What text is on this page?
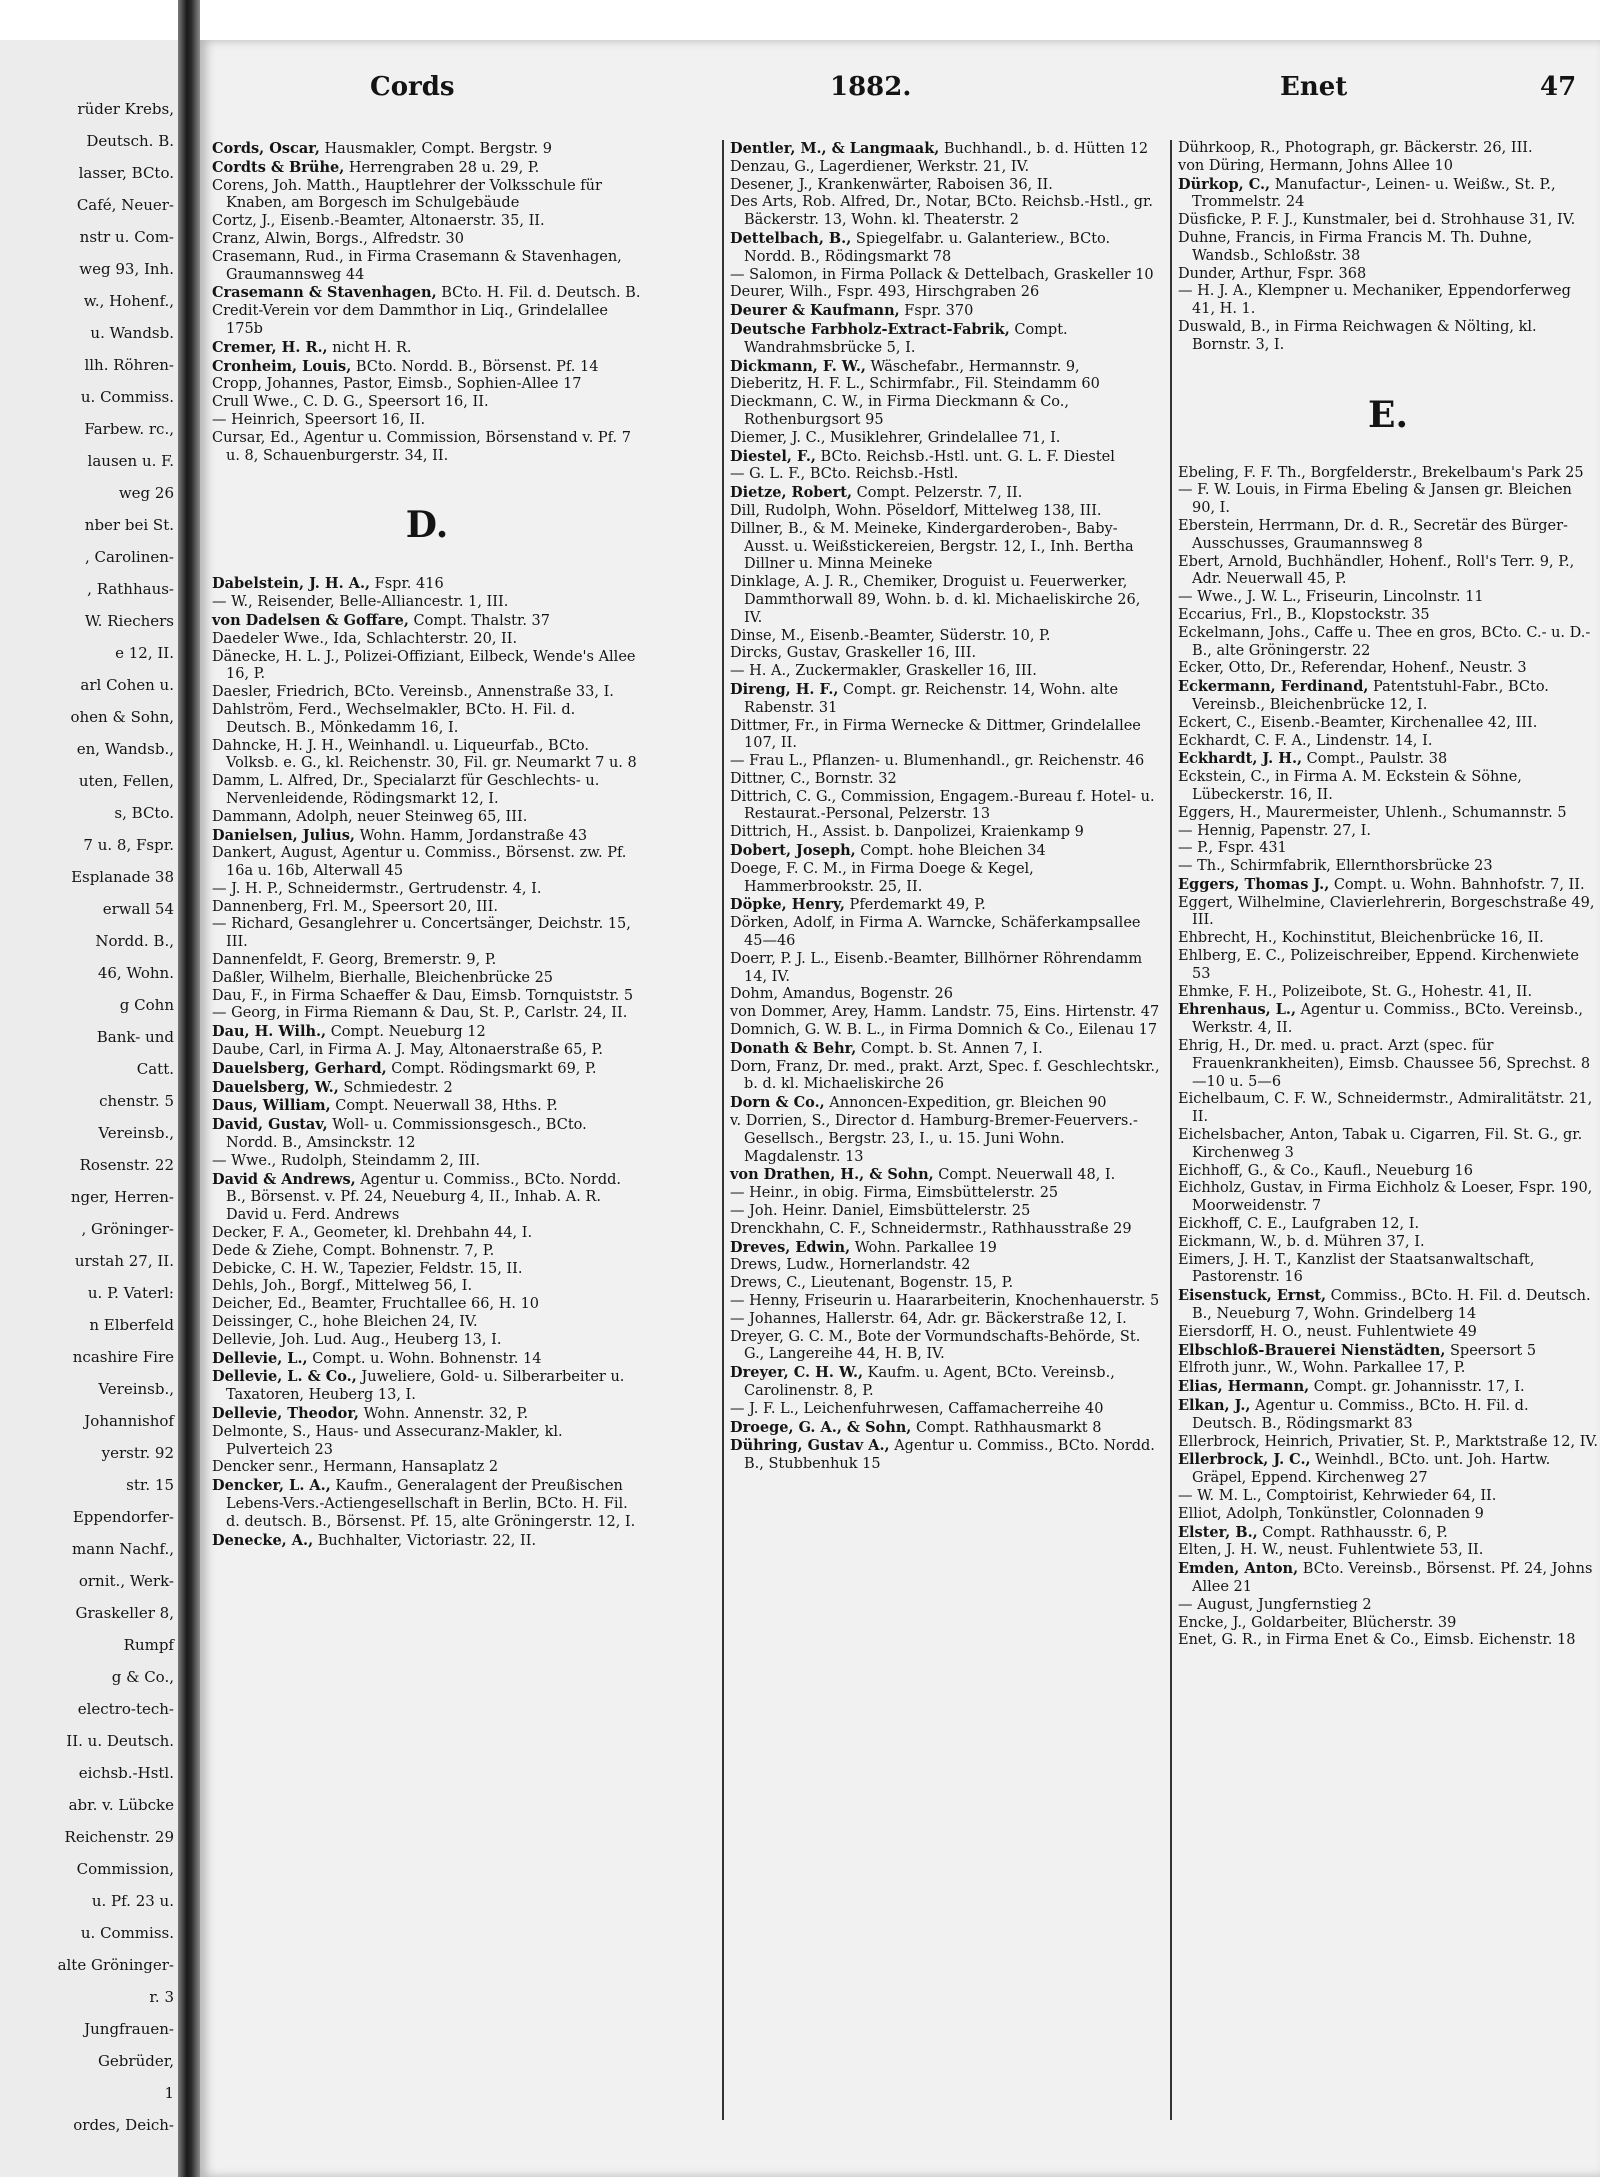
rüder Krebs,
Deutsch. B.
lasser, BCto.
Café, Neuer-
nstr u. Com-
weg 93, Inh.
w., Hohenf.,
u. Wandsb.
llh. Röhren-
u. Commiss.
Farbew. rc.,
lausen u. F.
weg 26
nber bei St.
, Carolinen-
, Rathhaus-
W. Riechers
e 12, II.
arl Cohen u.
ohen & Sohn,
en, Wandsb.,
uten, Fellen,
s, BCto.
7 u. 8, Fspr.
Esplanade 38
erwall 54
Nordd. B.,
46, Wohn.
g Cohn
Bank- und
Catt.
chenstr. 5
Vereinsb.,
Rosenstr. 22
nger, Herren-
, Gröninger-
urstah 27, II.
u. P. Vaterl:
n Elberfeld
ncashire Fire
Vereinsb.,
Johannishof
yerstr. 92
str. 15
Eppendorfer-
mann Nachf.,
ornit., Werk-
Graskeller 8,
Rumpf
g & Co.,
electro-tech-
II. u. Deutsch.
eichsb.-Hstl.
abr. v. Lübcke
Reichenstr. 29
Commission,
u. Pf. 23 u.
u. Commiss.
alte Gröninger-
r. 3
Jungfrauen-
Gebrüder,
1
ordes, Deich-
Cords	1882.	Enet	47

Cords, Oscar, Hausmakler, Compt. Bergstr. 9

Cordts & Brühe, Herrengraben 28 u. 29, P.

Corens, Joh. Matth., Hauptlehrer der Volksschule für Knaben, am Borgesch im Schulgebäude

Cortz, J., Eisenb.-Beamter, Altonaerstr. 35, II.

Cranz, Alwin, Borgs., Alfredstr. 30

Crasemann, Rud., in Firma Crasemann & Stavenhagen, Graumannsweg 44

Crasemann & Stavenhagen, BCto. H. Fil. d. Deutsch. B.

Credit-Verein vor dem Dammthor in Liq., Grindelallee 175b

Cremer, H. R., nicht H. R.

Cronheim, Louis, BCto. Nordd. B., Börsenst. Pf. 14

Cropp, Johannes, Pastor, Eimsb., Sophien-Allee 17

Crull Wwe., C. D. G., Speersort 16, II.

— Heinrich, Speersort 16, II.

Cursar, Ed., Agentur u. Commission, Börsenstand v. Pf. 7 u. 8, Schauenburgerstr. 34, II.

D.

Dabelstein, J. H. A., Fspr. 416

— W., Reisender, Belle-Alliancestr. 1, III.

von Dadelsen & Goffare, Compt. Thalstr. 37

Daedeler Wwe., Ida, Schlachterstr. 20, II.

Dänecke, H. L. J., Polizei-Offiziant, Eilbeck, Wende's Allee 16, P.

Daesler, Friedrich, BCto. Vereinsb., Annenstraße 33, I.

Dahlström, Ferd., Wechselmakler, BCto. H. Fil. d. Deutsch. B., Mönkedamm 16, I.

Dahncke, H. J. H., Weinhandl. u. Liqueurfab., BCto. Volksb. e. G., kl. Reichenstr. 30, Fil. gr. Neumarkt 7 u. 8

Damm, L. Alfred, Dr., Specialarzt für Geschlechts- u. Nervenleidende, Rödingsmarkt 12, I.

Dammann, Adolph, neuer Steinweg 65, III.

Danielsen, Julius, Wohn. Hamm, Jordanstraße 43

Dankert, August, Agentur u. Commiss., Börsenst. zw. Pf. 16a u. 16b, Alterwall 45

— J. H. P., Schneidermstr., Gertrudenstr. 4, I.

Dannenberg, Frl. M., Speersort 20, III.

— Richard, Gesanglehrer u. Concertsänger, Deichstr. 15, III.

Dannenfeldt, F. Georg, Bremerstr. 9, P.

Daßler, Wilhelm, Bierhalle, Bleichenbrücke 25

Dau, F., in Firma Schaeffer & Dau, Eimsb. Tornquiststr. 5

— Georg, in Firma Riemann & Dau, St. P., Carlstr. 24, II.

Dau, H. Wilh., Compt. Neueburg 12

Daube, Carl, in Firma A. J. May, Altonaerstraße 65, P.

Dauelsberg, Gerhard, Compt. Rödingsmarkt 69, P.

Dauelsberg, W., Schmiedestr. 2

Daus, William, Compt. Neuerwall 38, Hths. P.

David, Gustav, Woll- u. Commissionsgesch., BCto. Nordd. B., Amsinckstr. 12

— Wwe., Rudolph, Steindamm 2, III.

David & Andrews, Agentur u. Commiss., BCto. Nordd. B., Börsenst. v. Pf. 24, Neueburg 4, II., Inhab. A. R. David u. Ferd. Andrews

Decker, F. A., Geometer, kl. Drehbahn 44, I.

Dede & Ziehe, Compt. Bohnenstr. 7, P.

Debicke, C. H. W., Tapezier, Feldstr. 15, II.

Dehls, Joh., Borgf., Mittelweg 56, I.

Deicher, Ed., Beamter, Fruchtallee 66, H. 10

Deissinger, C., hohe Bleichen 24, IV.

Dellevie, Joh. Lud. Aug., Heuberg 13, I.

Dellevie, L., Compt. u. Wohn. Bohnenstr. 14

Dellevie, L. & Co., Juweliere, Gold- u. Silberarbeiter u. Taxatoren, Heuberg 13, I.

Dellevie, Theodor, Wohn. Annenstr. 32, P.

Delmonte, S., Haus- und Assecuranz-Makler, kl. Pulverteich 23

Dencker senr., Hermann, Hansaplatz 2

Dencker, L. A., Kaufm., Generalagent der Preußischen Lebens-Vers.-Actiengesellschaft in Berlin, BCto. H. Fil. d. deutsch. B., Börsenst. Pf. 15, alte Gröningerstr. 12, I.

Denecke, A., Buchhalter, Victoriastr. 22, II.

Dentler, M., & Langmaak, Buchhandl., b. d. Hütten 12

Denzau, G., Lagerdiener, Werkstr. 21, IV.

Desener, J., Krankenwärter, Raboisen 36, II.

Des Arts, Rob. Alfred, Dr., Notar, BCto. Reichsb.-Hstl., gr. Bäckerstr. 13, Wohn. kl. Theaterstr. 2

Dettelbach, B., Spiegelfabr. u. Galanteriew., BCto. Nordd. B., Rödingsmarkt 78

— Salomon, in Firma Pollack & Dettelbach, Graskeller 10

Deurer, Wilh., Fspr. 493, Hirschgraben 26

Deurer & Kaufmann, Fspr. 370

Deutsche Farbholz-Extract-Fabrik, Compt. Wandrahmsbrücke 5, I.

Dickmann, F. W., Wäschefabr., Hermannstr. 9,

Dieberitz, H. F. L., Schirmfabr., Fil. Steindamm 60

Dieckmann, C. W., in Firma Dieckmann & Co., Rothenburgsort 95

Diemer, J. C., Musiklehrer, Grindelallee 71, I.

Diestel, F., BCto. Reichsb.-Hstl. unt. G. L. F. Diestel

— G. L. F., BCto. Reichsb.-Hstl.

Dietze, Robert, Compt. Pelzerstr. 7, II.

Dill, Rudolph, Wohn. Pöseldorf, Mittelweg 138, III.

Dillner, B., & M. Meineke, Kindergarderoben-, Baby-Ausst. u. Weißstickereien, Bergstr. 12, I., Inh. Bertha Dillner u. Minna Meineke

Dinklage, A. J. R., Chemiker, Droguist u. Feuerwerker, Dammthorwall 89, Wohn. b. d. kl. Michaeliskirche 26, IV.

Dinse, M., Eisenb.-Beamter, Süderstr. 10, P.

Dircks, Gustav, Graskeller 16, III.

— H. A., Zuckermakler, Graskeller 16, III.

Direng, H. F., Compt. gr. Reichenstr. 14, Wohn. alte Rabenstr. 31

Dittmer, Fr., in Firma Wernecke & Dittmer, Grindelallee 107, II.

— Frau L., Pflanzen- u. Blumenhandl., gr. Reichenstr. 46

Dittner, C., Bornstr. 32

Dittrich, C. G., Commission, Engagem.-Bureau f. Hotel- u. Restaurat.-Personal, Pelzerstr. 13

Dittrich, H., Assist. b. Danpolizei, Kraienkamp 9

Dobert, Joseph, Compt. hohe Bleichen 34

Doege, F. C. M., in Firma Doege & Kegel, Hammerbrookstr. 25, II.

Döpke, Henry, Pferdemarkt 49, P.

Dörken, Adolf, in Firma A. Warncke, Schäferkampsallee 45—46

Doerr, P. J. L., Eisenb.-Beamter, Billhörner Röhrendamm 14, IV.

Dohm, Amandus, Bogenstr. 26

von Dommer, Arey, Hamm. Landstr. 75, Eins. Hirtenstr. 47

Domnich, G. W. B. L., in Firma Domnich & Co., Eilenau 17

Donath & Behr, Compt. b. St. Annen 7, I.

Dorn, Franz, Dr. med., prakt. Arzt, Spec. f. Geschlechtskr., b. d. kl. Michaeliskirche 26

Dorn & Co., Annoncen-Expedition, gr. Bleichen 90

v. Dorrien, S., Director d. Hamburg-Bremer-Feuervers.-Gesellsch., Bergstr. 23, I., u. 15. Juni Wohn. Magdalenstr. 13

von Drathen, H., & Sohn, Compt. Neuerwall 48, I.

— Heinr., in obig. Firma, Eimsbüttelerstr. 25

— Joh. Heinr. Daniel, Eimsbüttelerstr. 25

Drenckhahn, C. F., Schneidermstr., Rathhausstraße 29

Dreves, Edwin, Wohn. Parkallee 19

Drews, Ludw., Hornerlandstr. 42

Drews, C., Lieutenant, Bogenstr. 15, P.

— Henny, Friseurin u. Haararbeiterin, Knochenhauerstr. 5

— Johannes, Hallerstr. 64, Adr. gr. Bäckerstraße 12, I.

Dreyer, G. C. M., Bote der Vormundschafts-Behörde, St. G., Langereihe 44, H. B, IV.

Dreyer, C. H. W., Kaufm. u. Agent, BCto. Vereinsb., Carolinenstr. 8, P.

— J. F. L., Leichenfuhrwesen, Caffamacherreihe 40

Droege, G. A., & Sohn, Compt. Rathhausmarkt 8

Dühring, Gustav A., Agentur u. Commiss., BCto. Nordd. B., Stubbenhuk 15

Dührkoop, R., Photograph, gr. Bäckerstr. 26, III.

von Düring, Hermann, Johns Allee 10

Dürkop, C., Manufactur-, Leinen- u. Weißw., St. P., Trommelstr. 24

Düsficke, P. F. J., Kunstmaler, bei d. Strohhause 31, IV.

Duhne, Francis, in Firma Francis M. Th. Duhne, Wandsb., Schloßstr. 38

Dunder, Arthur, Fspr. 368

— H. J. A., Klempner u. Mechaniker, Eppendorferweg 41, H. 1.

Duswald, B., in Firma Reichwagen & Nölting, kl. Bornstr. 3, I.

E.

Ebeling, F. F. Th., Borgfelderstr., Brekelbaum's Park 25

— F. W. Louis, in Firma Ebeling & Jansen gr. Bleichen 90, I.

Eberstein, Herrmann, Dr. d. R., Secretär des Bürger-Ausschusses, Graumannsweg 8

Ebert, Arnold, Buchhändler, Hohenf., Roll's Terr. 9, P., Adr. Neuerwall 45, P.

— Wwe., J. W. L., Friseurin, Lincolnstr. 11

Eccarius, Frl., B., Klopstockstr. 35

Eckelmann, Johs., Caffe u. Thee en gros, BCto. C.- u. D.-B., alte Gröningerstr. 22

Ecker, Otto, Dr., Referendar, Hohenf., Neustr. 3

Eckermann, Ferdinand, Patentstuhl-Fabr., BCto. Vereinsb., Bleichenbrücke 12, I.

Eckert, C., Eisenb.-Beamter, Kirchenallee 42, III.

Eckhardt, C. F. A., Lindenstr. 14, I.

Eckhardt, J. H., Compt., Paulstr. 38

Eckstein, C., in Firma A. M. Eckstein & Söhne, Lübeckerstr. 16, II.

Eggers, H., Maurermeister, Uhlenh., Schumannstr. 5

— Hennig, Papenstr. 27, I.

— P., Fspr. 431

— Th., Schirmfabrik, Ellernthorsbrücke 23

Eggers, Thomas J., Compt. u. Wohn. Bahnhofstr. 7, II.

Eggert, Wilhelmine, Clavierlehrerin, Borgeschstraße 49, III.

Ehbrecht, H., Kochinstitut, Bleichenbrücke 16, II.

Ehlberg, E. C., Polizeischreiber, Eppend. Kirchenwiete 53

Ehmke, F. H., Polizeibote, St. G., Hohestr. 41, II.

Ehrenhaus, L., Agentur u. Commiss., BCto. Vereinsb., Werkstr. 4, II.

Ehrig, H., Dr. med. u. pract. Arzt (spec. für Frauenkrankheiten), Eimsb. Chaussee 56, Sprechst. 8—10 u. 5—6

Eichelbaum, C. F. W., Schneidermstr., Admiralitätstr. 21, II.

Eichelsbacher, Anton, Tabak u. Cigarren, Fil. St. G., gr. Kirchenweg 3

Eichhoff, G., & Co., Kaufl., Neueburg 16

Eichholz, Gustav, in Firma Eichholz & Loeser, Fspr. 190, Moorweidenstr. 7

Eickhoff, C. E., Laufgraben 12, I.

Eickmann, W., b. d. Mühren 37, I.

Eimers, J. H. T., Kanzlist der Staatsanwaltschaft, Pastorenstr. 16

Eisenstuck, Ernst, Commiss., BCto. H. Fil. d. Deutsch. B., Neueburg 7, Wohn. Grindelberg 14

Eiersdorff, H. O., neust. Fuhlentwiete 49

Elbschloß-Brauerei Nienstädten, Speersort 5

Elfroth junr., W., Wohn. Parkallee 17, P.

Elias, Hermann, Compt. gr. Johannisstr. 17, I.

Elkan, J., Agentur u. Commiss., BCto. H. Fil. d. Deutsch. B., Rödingsmarkt 83

Ellerbrock, Heinrich, Privatier, St. P., Marktstraße 12, IV.

Ellerbrock, J. C., Weinhdl., BCto. unt. Joh. Hartw. Gräpel, Eppend. Kirchenweg 27

— W. M. L., Comptoirist, Kehrwieder 64, II.

Elliot, Adolph, Tonkünstler, Colonnaden 9

Elster, B., Compt. Rathhausstr. 6, P.

Elten, J. H. W., neust. Fuhlentwiete 53, II.

Emden, Anton, BCto. Vereinsb., Börsenst. Pf. 24, Johns Allee 21

— August, Jungfernstieg 2

Encke, J., Goldarbeiter, Blücherstr. 39

Enet, G. R., in Firma Enet & Co., Eimsb. Eichenstr. 18
